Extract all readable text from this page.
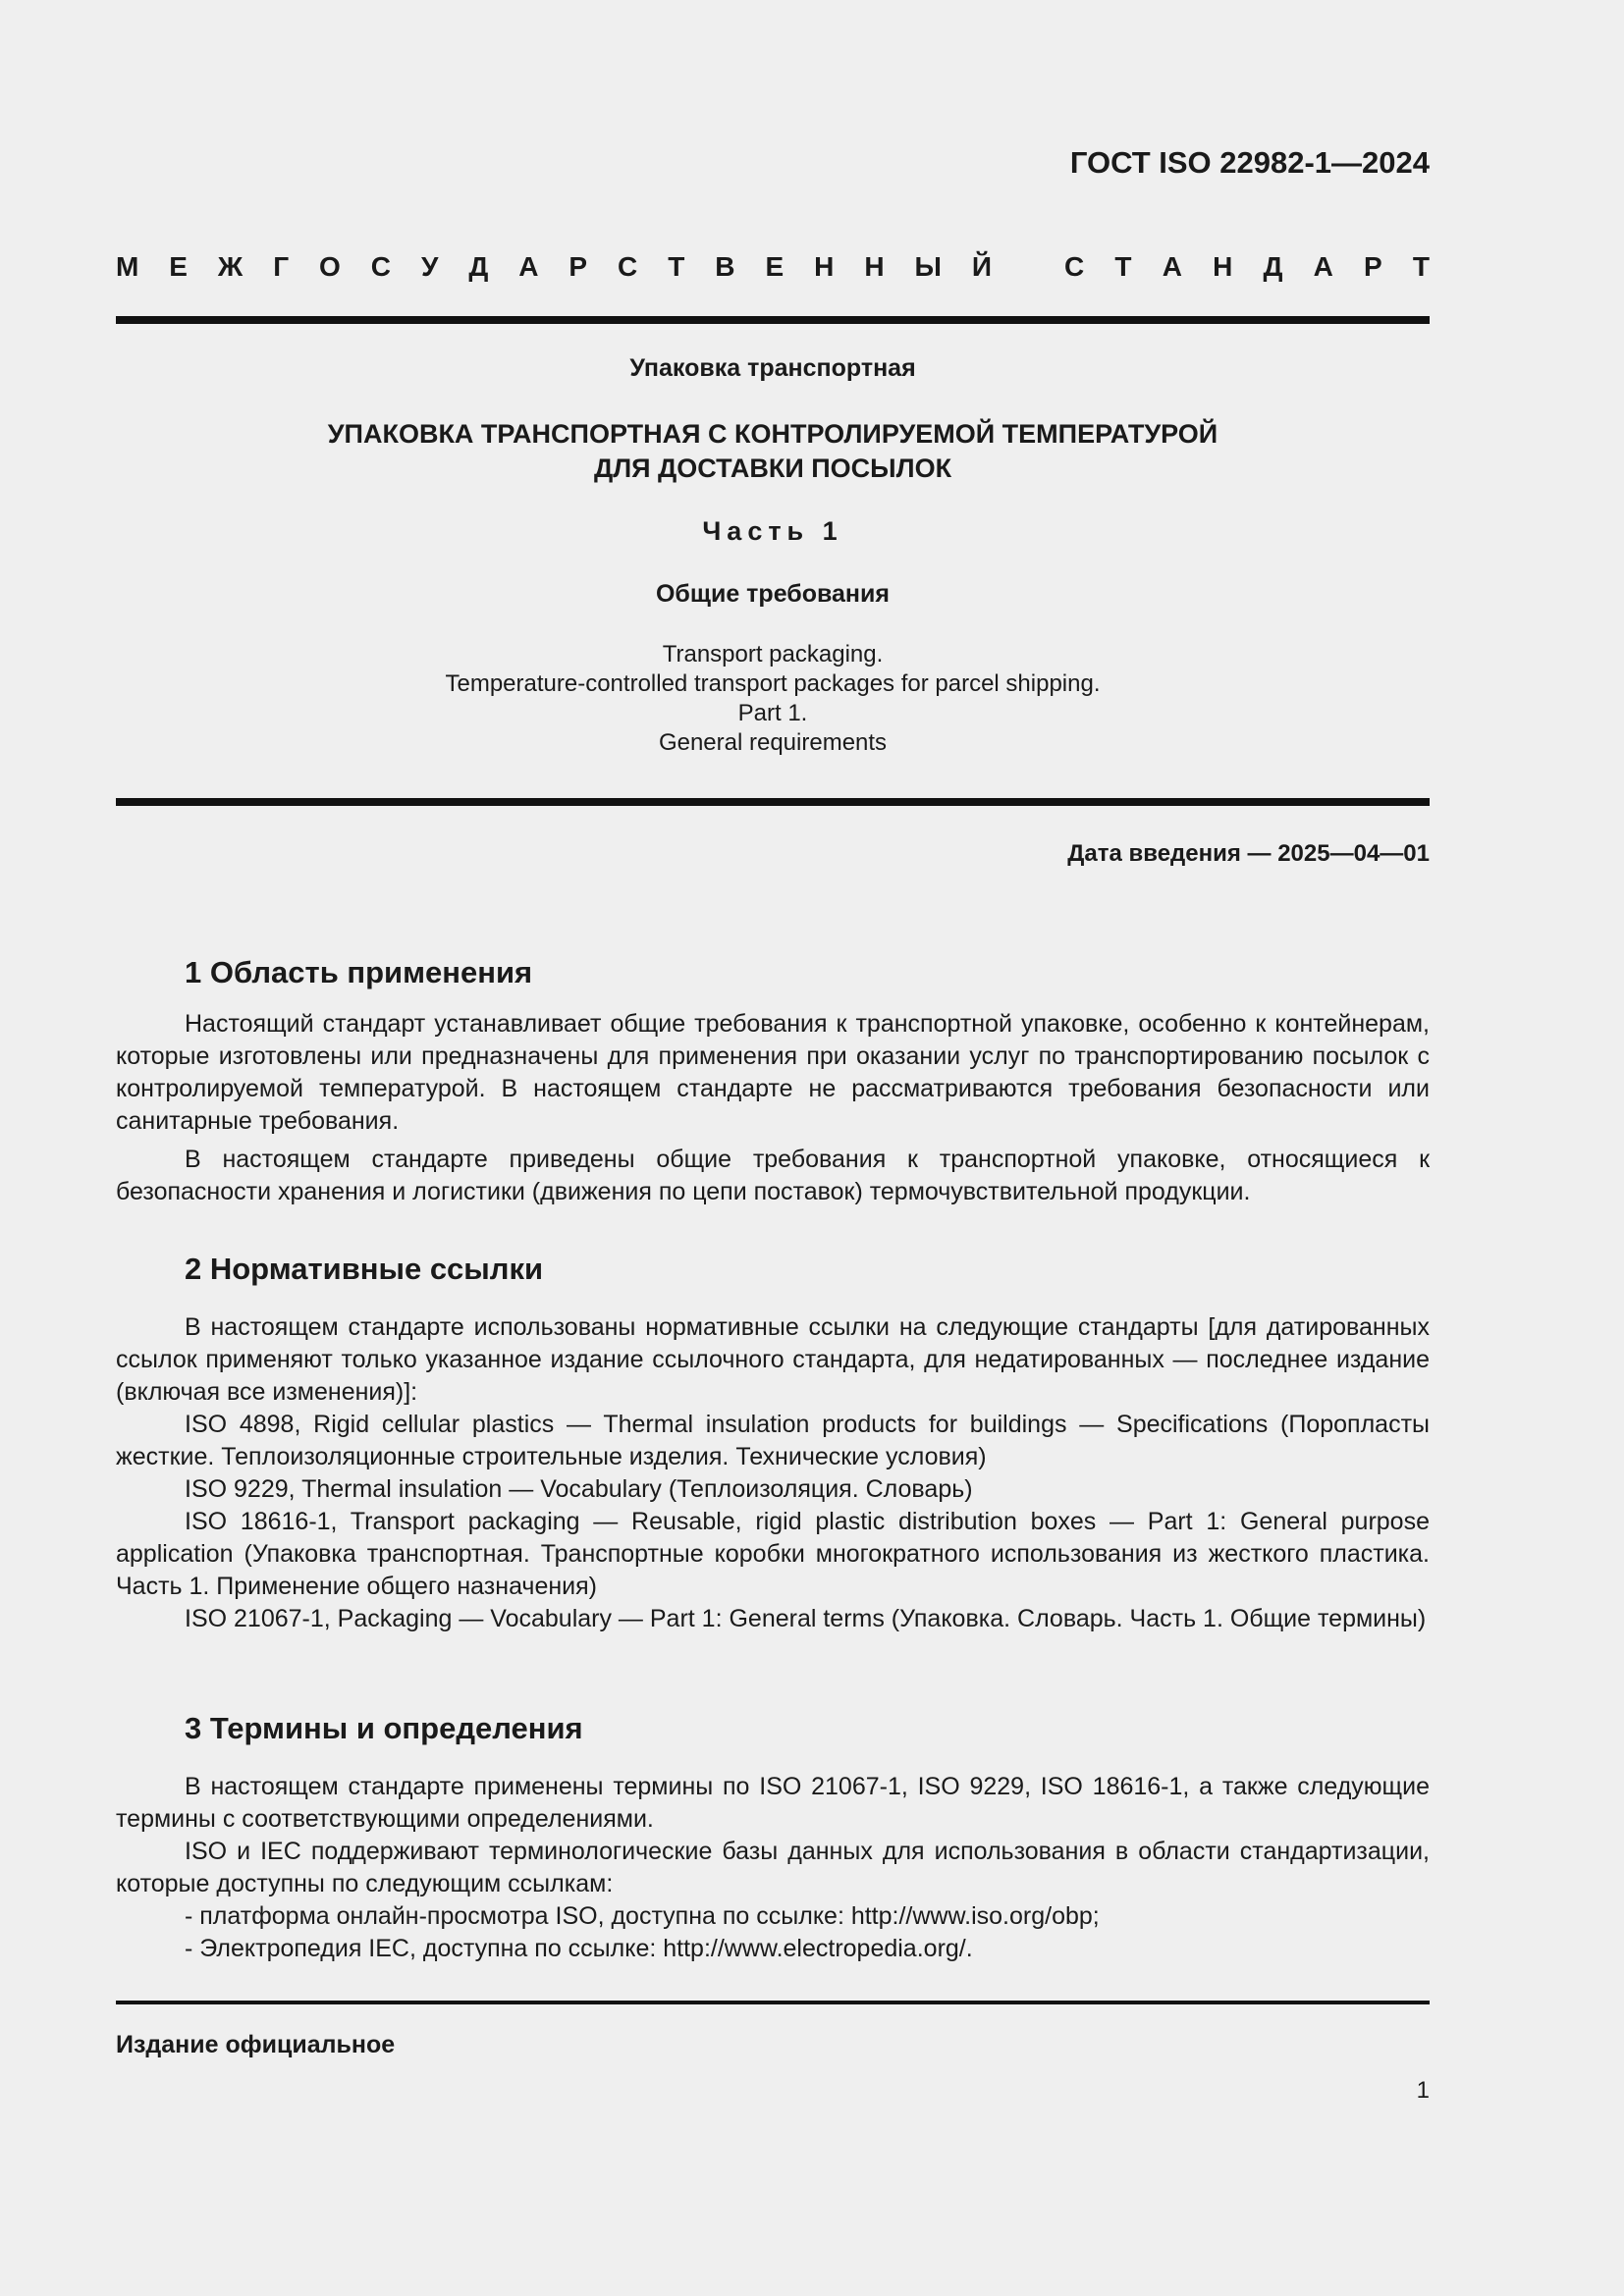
ГОСТ ISO 22982-1—2024
М Е Ж Г О С У Д А Р С Т В Е Н Н Ы Й	С Т А Н Д А Р Т
Упаковка транспортная
УПАКОВКА ТРАНСПОРТНАЯ С КОНТРОЛИРУЕМОЙ ТЕМПЕРАТУРОЙ
ДЛЯ ДОСТАВКИ ПОСЫЛОК
Часть 1
Общие требования
Transport packaging.
Temperature-controlled transport packages for parcel shipping.
Part 1.
General requirements
Дата введения — 2025—04—01
1 Область применения

Настоящий стандарт устанавливает общие требования к транспортной упаковке, особенно к контейнерам, которые изготовлены или предназначены для применения при оказании услуг по транспортированию посылок с контролируемой температурой. В настоящем стандарте не рассматриваются требования безопасности или санитарные требования.

В настоящем стандарте приведены общие требования к транспортной упаковке, относящиеся к безопасности хранения и логистики (движения по цепи поставок) термочувствительной продукции.

2 Нормативные ссылки

В настоящем стандарте использованы нормативные ссылки на следующие стандарты [для датированных ссылок применяют только указанное издание ссылочного стандарта, для недатированных — последнее издание (включая все изменения)]:

ISO 4898, Rigid cellular plastics — Thermal insulation products for buildings — Specifications (Поропласты жесткие. Теплоизоляционные строительные изделия. Технические условия)

ISO 9229, Thermal insulation — Vocabulary (Теплоизоляция. Словарь)

ISO 18616-1, Transport packaging — Reusable, rigid plastic distribution boxes — Part 1: General purpose application (Упаковка транспортная. Транспортные коробки многократного использования из жесткого пластика. Часть 1. Применение общего назначения)

ISO 21067-1, Packaging — Vocabulary — Part 1: General terms (Упаковка. Словарь. Часть 1. Общие термины)

3 Термины и определения

В настоящем стандарте применены термины по ISO 21067-1, ISO 9229, ISO 18616-1, а также следующие термины с соответствующими определениями.

ISO и IEC поддерживают терминологические базы данных для использования в области стандартизации, которые доступны по следующим ссылкам:

- платформа онлайн-просмотра ISO, доступна по ссылке: http://www.iso.org/obp;
- Электропедия IEC, доступна по ссылке: http://www.electropedia.org/.
Издание официальное
1
